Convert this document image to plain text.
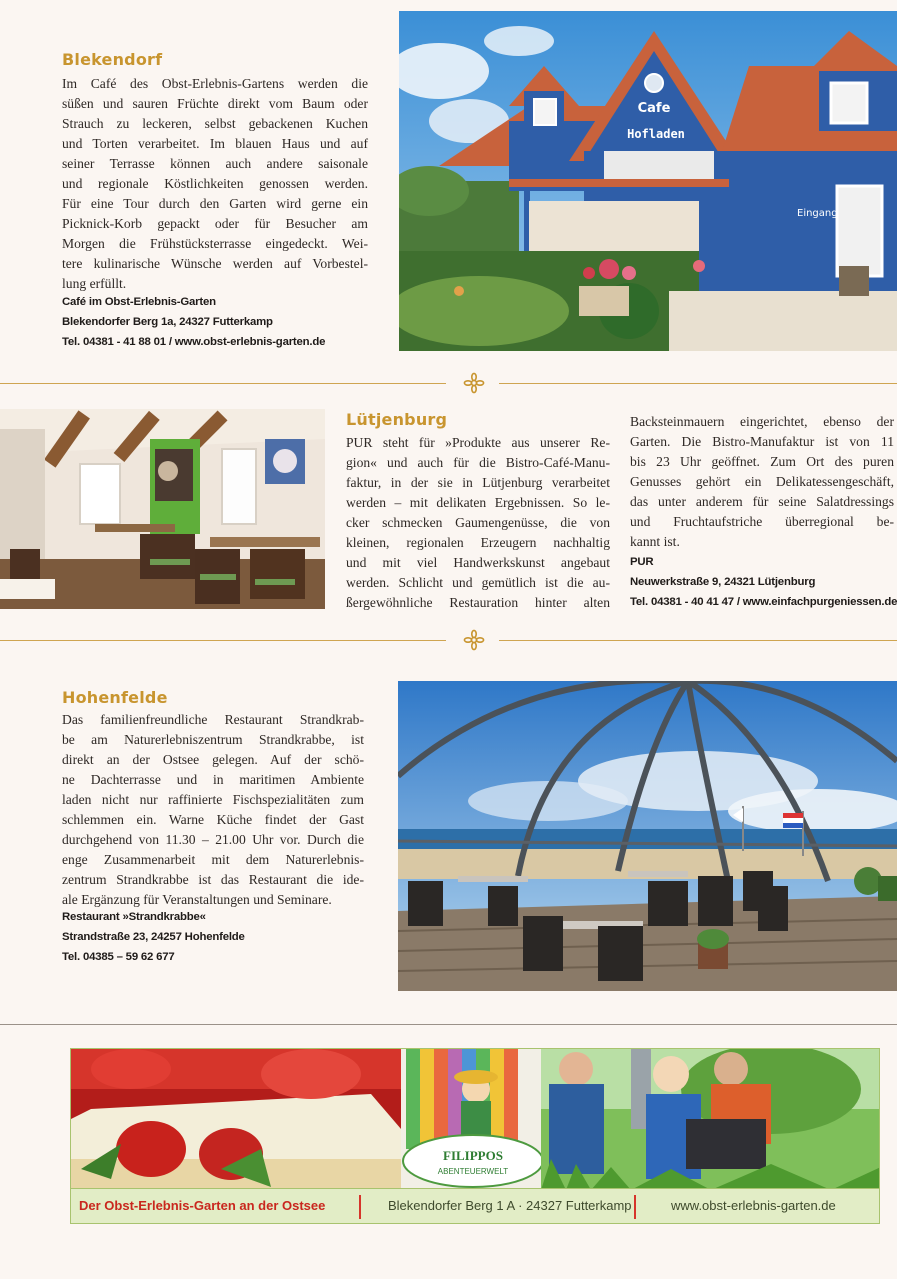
Blekendorf
Im Café des Obst-Erlebnis-Gartens werden die
süßen und sauren Früchte direkt vom Baum oder
Strauch zu leckeren, selbst gebackenen Kuchen
und Torten verarbeitet. Im blauen Haus und auf
seiner Terrasse können auch andere saisonale
und regionale Köstlichkeiten genossen werden.
Für eine Tour durch den Garten wird gerne ein
Picknick-Korb gepackt oder für Besucher am
Morgen die Frühstücksterrasse eingedeckt. Wei-
tere kulinarische Wünsche werden auf Vorbestel-
lung erfüllt.
Café im Obst-Erlebnis-Garten
Blekendorfer Berg 1a, 24327 Futterkamp
Tel. 04381 - 41 88 01 / www.obst-erlebnis-garten.de
Cafe
Hofladen
Eingang
Lütjenburg
PUR steht für »Produkte aus unserer Re-
gion« und auch für die Bistro-Café-Manu-
faktur, in der sie in Lütjenburg verarbeitet
werden – mit delikaten Ergebnissen. So le-
cker schmecken Gaumengenüsse, die von
kleinen, regionalen Erzeugern nachhaltig
und mit viel Handwerkskunst angebaut
werden. Schlicht und gemütlich ist die au-
ßergewöhnliche Restauration hinter alten
Backsteinmauern eingerichtet, ebenso der
Garten. Die Bistro-Manufaktur ist von 11
bis 23 Uhr geöffnet. Zum Ort des puren
Genusses gehört ein Delikatessengeschäft,
das unter anderem für seine Salatdressings
und Fruchtaufstriche überregional be-
kannt ist.
PUR
Neuwerkstraße 9, 24321 Lütjenburg
Tel. 04381 - 40 41 47 / www.einfachpurgeniessen.de
Hohenfelde
Das familienfreundliche Restaurant Strandkrab-
be am Naturerlebniszentrum Strandkrabbe, ist
direkt an der Ostsee gelegen. Auf der schö-
ne Dachterrasse und in maritimen Ambiente
laden nicht nur raffinierte Fischspezialitäten zum
schlemmen ein. Warne Küche findet der Gast
durchgehend von 11.30 – 21.00 Uhr vor. Durch die
enge Zusammenarbeit mit dem Naturerlebnis-
zentrum Strandkrabbe ist das Restaurant die ide-
ale Ergänzung für Veranstaltungen und Seminare.
Restaurant »Strandkrabbe«
Strandstraße 23, 24257 Hohenfelde
Tel. 04385 – 59 62 677
FILIPPOS
ABENTEUERWELT
Der Obst-Erlebnis-Garten an der Ostsee	Blekendorfer Berg 1 A · 24327 Futterkamp	www.obst-erlebnis-garten.de
